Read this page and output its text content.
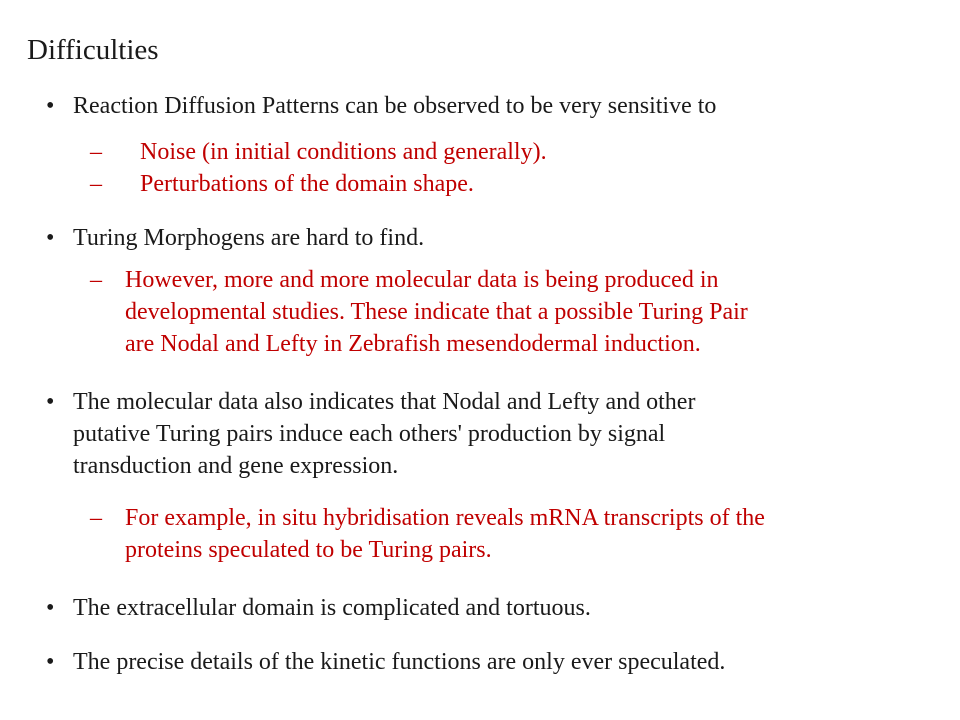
Difficulties
• Reaction Diffusion Patterns can be observed to be very sensitive to
– Noise (in initial conditions and generally).
– Perturbations of the domain shape.
• Turing Morphogens are hard to find.
– However, more and more molecular data is being produced in
developmental studies. These indicate that a possible Turing Pair
are Nodal and Lefty in Zebrafish mesendodermal induction.
• The molecular data also indicates that Nodal and Lefty and other
putative Turing pairs induce each others' production by signal
transduction and gene expression.
– For example, in situ hybridisation reveals mRNA transcripts of the
proteins speculated to be Turing pairs.
• The extracellular domain is complicated and tortuous.
• The precise details of the kinetic functions are only ever speculated.
